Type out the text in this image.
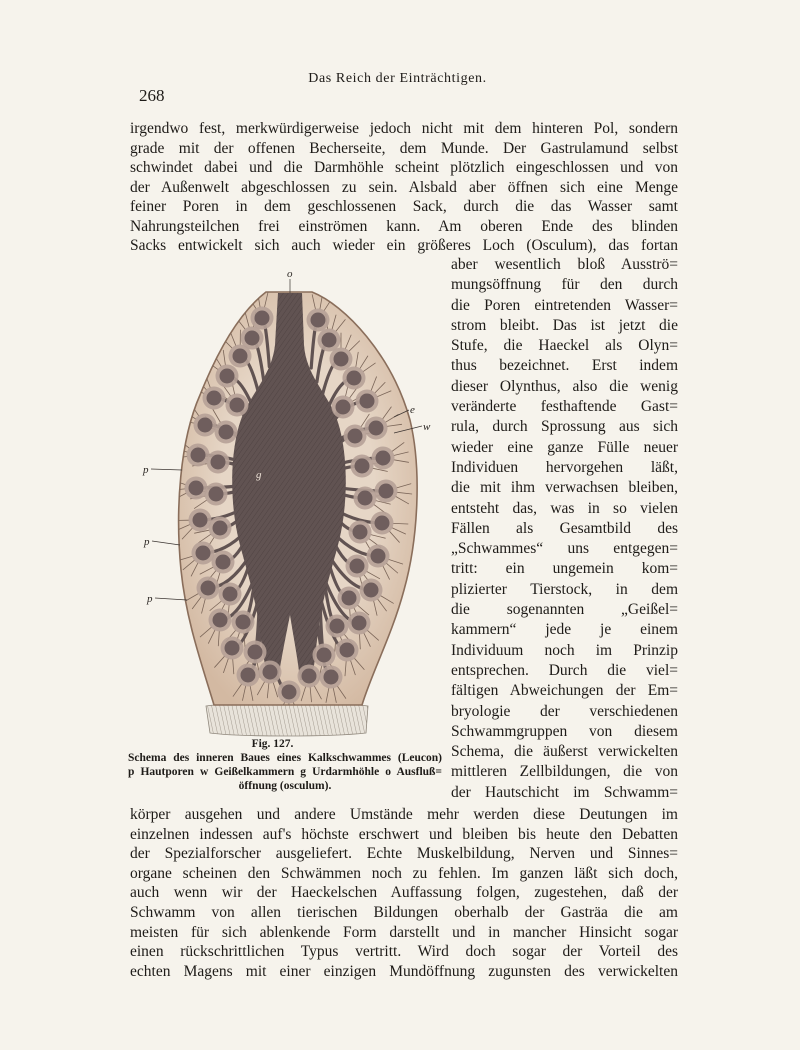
Das Reich der Einträchtigen.
268
irgendwo fest, merkwürdigerweise jedoch nicht mit dem hinteren Pol, sondern
grade mit der offenen Becherseite, dem Munde. Der Gastrulamund selbst
schwindet dabei und die Darmhöhle scheint plötzlich eingeschlossen und von
der Außenwelt abgeschlossen zu sein. Alsbald aber öffnen sich eine Menge
feiner Poren in dem geschlossenen Sack, durch die das Wasser samt
Nahrungsteilchen frei einströmen kann. Am oberen Ende des blinden
Sacks entwickelt sich auch wieder ein größeres Loch (Osculum), das fortan
aber wesentlich bloß Ausströ=
mungsöffnung für den durch
die Poren eintretenden Wasser=
strom bleibt. Das ist jetzt die
Stufe, die Haeckel als Olyn=
thus bezeichnet. Erst indem
dieser Olynthus, also die wenig
veränderte festhaftende Gast=
rula, durch Sprossung aus sich
wieder eine ganze Fülle neuer
Individuen hervorgehen läßt,
die mit ihm verwachsen bleiben,
entsteht das, was in so vielen
Fällen als Gesamtbild des
„Schwammes“ uns entgegen=
tritt: ein ungemein kom=
plizierter Tierstock, in dem
die sogenannten „Geißel=
kammern“ jede je einem
Individuum noch im Prinzip
entsprechen. Durch die viel=
fältigen Abweichungen der Em=
bryologie der verschiedenen
Schwammgruppen von diesem
Schema, die äußerst verwickelten
mittleren Zellbildungen, die von
der Hautschicht im Schwamm=
o
e
w
p
p
p
g
Fig. 127.
Schema des inneren Baues eines Kalkschwammes (Leucon)
p Hautporen w Geißelkammern g Urdarmhöhle o Ausfluß=
öffnung (osculum).
körper ausgehen und andere Umstände mehr werden diese Deutungen im
einzelnen indessen auf's höchste erschwert und bleiben bis heute den Debatten
der Spezialforscher ausgeliefert. Echte Muskelbildung, Nerven und Sinnes=
organe scheinen den Schwämmen noch zu fehlen. Im ganzen läßt sich doch,
auch wenn wir der Haeckelschen Auffassung folgen, zugestehen, daß der
Schwamm von allen tierischen Bildungen oberhalb der Gasträa die am
meisten für sich ablenkende Form darstellt und in mancher Hinsicht sogar
einen rückschrittlichen Typus vertritt. Wird doch sogar der Vorteil des
echten Magens mit einer einzigen Mundöffnung zugunsten des verwickelten
